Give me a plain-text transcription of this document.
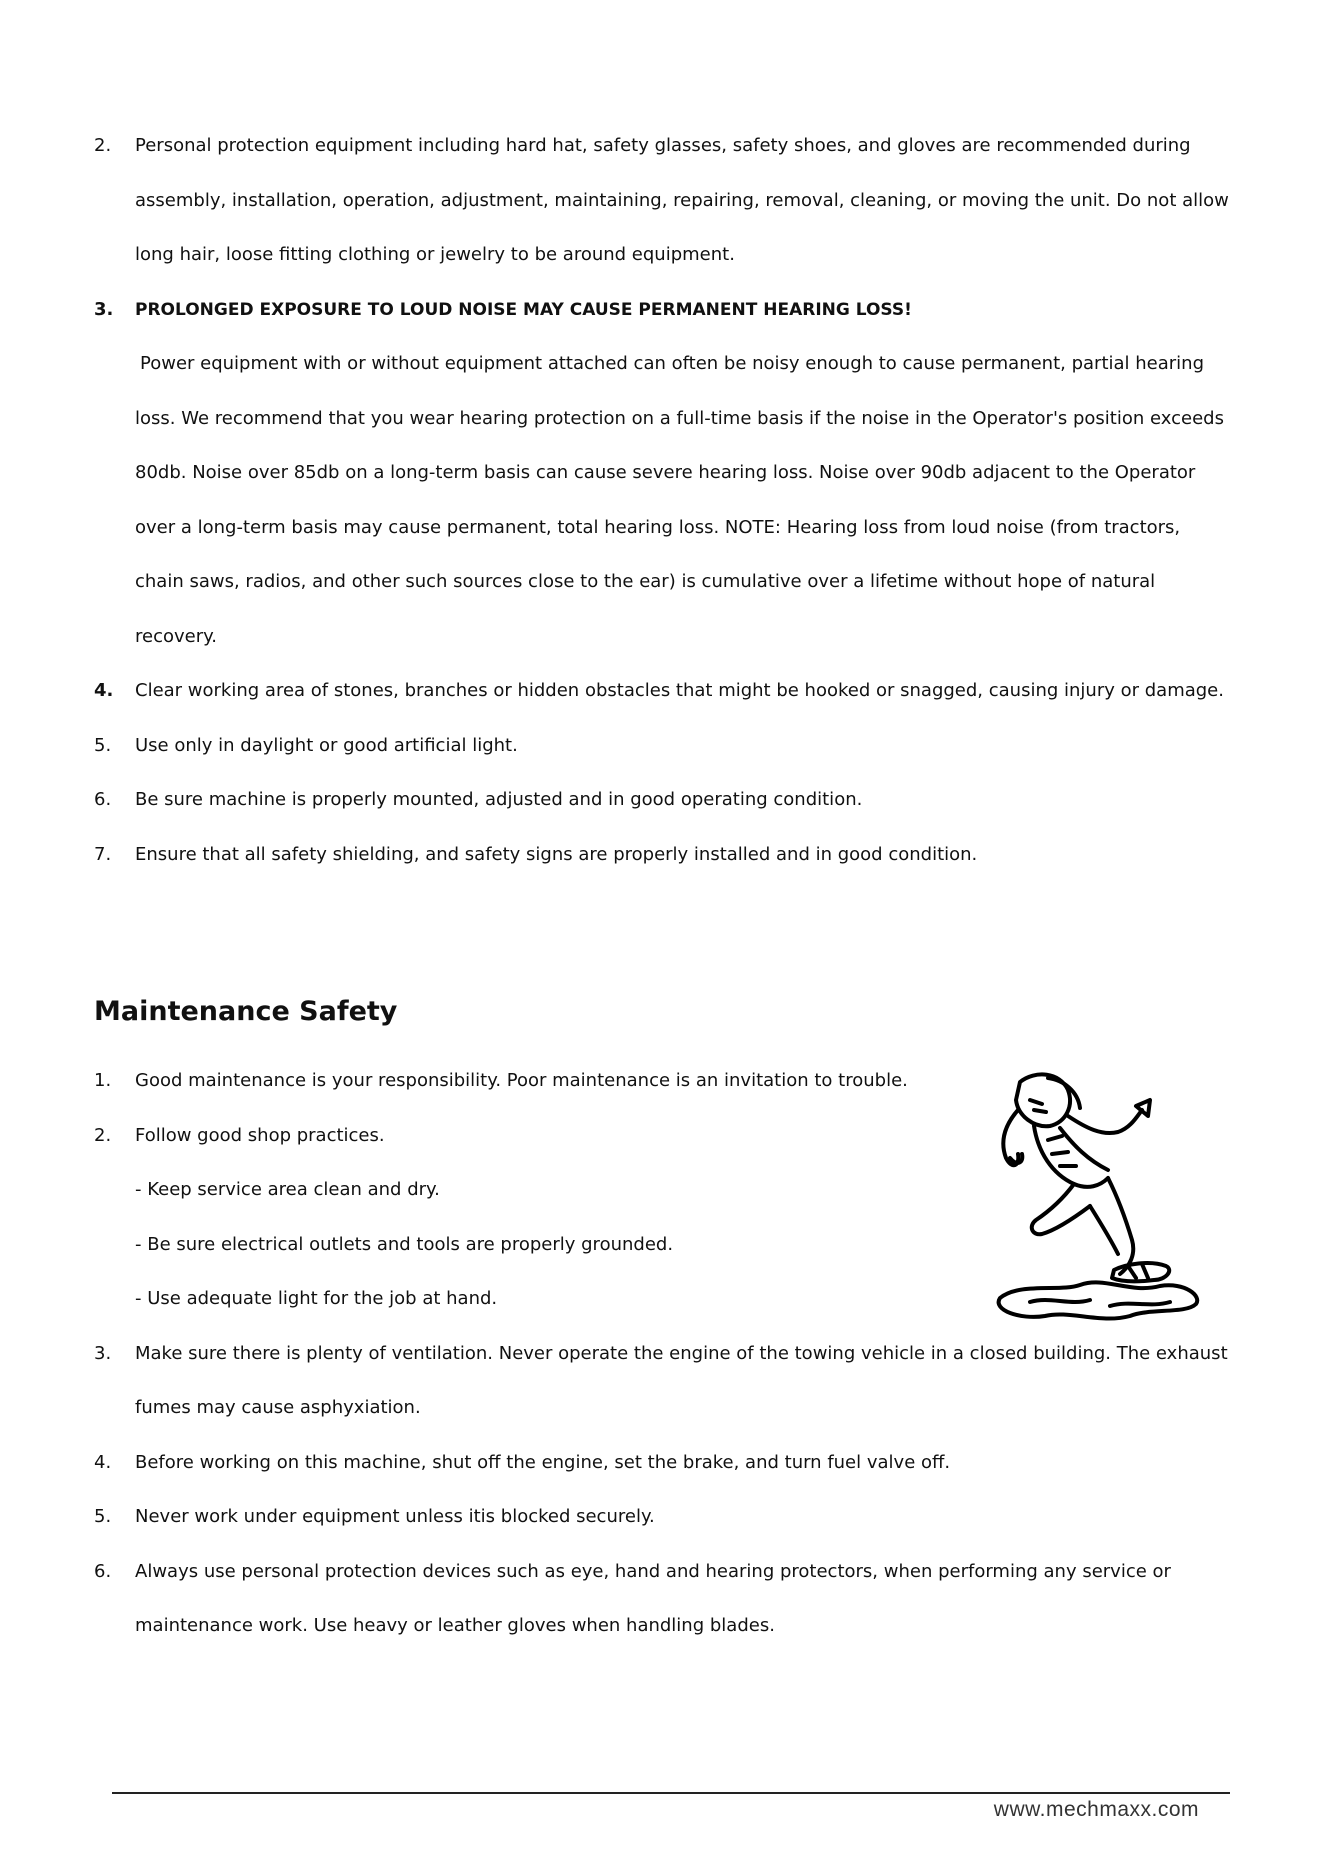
2.	Personal protection equipment including hard hat, safety glasses, safety shoes, and gloves are recommended during assembly, installation, operation, adjustment, maintaining, repairing, removal, cleaning, or moving the unit. Do not allow long hair, loose fitting clothing or jewelry to be around equipment.
3.	PROLONGED EXPOSURE TO LOUD NOISE MAY CAUSE PERMANENT HEARING LOSS!
Power equipment with or without equipment attached can often be noisy enough to cause permanent, partial hearing loss. We recommend that you wear hearing protection on a full-time basis if the noise in the Operator's position exceeds 80db. Noise over 85db on a long-term basis can cause severe hearing loss. Noise over 90db adjacent to the Operator over a long-term basis may cause permanent, total hearing loss. NOTE: Hearing loss from loud noise (from tractors, chain saws, radios, and other such sources close to the ear) is cumulative over a lifetime without hope of natural recovery.
4.	Clear working area of stones, branches or hidden obstacles that might be hooked or snagged, causing injury or damage.
5.	Use only in daylight or good artificial light.
6.	Be sure machine is properly mounted, adjusted and in good operating condition.
7.	Ensure that all safety shielding, and safety signs are properly installed and in good condition.
Maintenance Safety
1.	Good maintenance is your responsibility. Poor maintenance is an invitation to trouble.
2.	Follow good shop practices.
- Keep service area clean and dry.
- Be sure electrical outlets and tools are properly grounded.
- Use adequate light for the job at hand.
3.	Make sure there is plenty of ventilation. Never operate the engine of the towing vehicle in a closed building. The exhaust fumes may cause asphyxiation.
4.	Before working on this machine, shut off the engine, set the brake, and turn fuel valve off.
5.	Never work under equipment unless itis blocked securely.
6.	Always use personal protection devices such as eye, hand and hearing protectors, when performing any service or maintenance work. Use heavy or leather gloves when handling blades.
www.mechmaxx.com
